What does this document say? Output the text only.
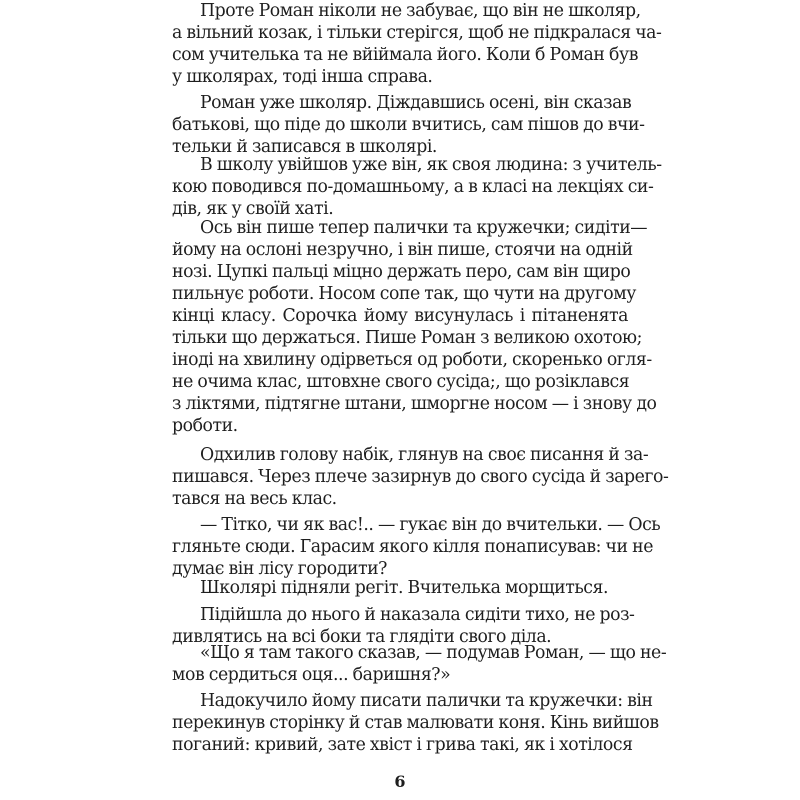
Проте Роман ніколи не забуває, що він не школяр,
а вільний козак, і тільки стерігся, щоб не підкралася ча-
сом учителька та не вйіймала його. Коли б Роман був
у школярах, тоді інша справа.
Роман уже школяр. Діждавшись осені, він сказав
батькові, що піде до школи вчитись, сам пішов до вчи-
тельки й записався в школярі.
В школу увійшов уже він, як своя людина: з учитель-
кою поводився по-домашньому, а в класі на лекціях си-
дів, як у своїй хаті.
Ось він пише тепер палички та кружечки; сидіти—
йому на ослоні незручно, і він пише, стоячи на одній
нозі. Цупкі пальці міцно держать перо, сам він щиро
пильнує роботи. Носом сопе так, що чути на другому
кінці класу. Сорочка йому висунулась і пітаненята
тільки що держаться. Пише Роман з великою охотою;
іноді на хвилину одірветься од роботи, скоренько огля-
не очима клас, штовхне свого сусіда;, що розіклався
з ліктями, підтягне штани, шморгне носом — і знову до
роботи.
Одхилив голову набік, глянув на своє писання й за-
пишався. Через плече зазирнув до свого сусіда й зарего-
тався на весь клас.
— Тітко, чи як вас!.. — гукає він до вчительки. — Ось
гляньте сюди. Гарасим якого кілля понаписував: чи не
думає він лісу городити?
Школярі підняли регіт. Вчителька морщиться.
Підійшла до нього й наказала сидіти тихо, не роз-
дивлятись на всі боки та глядіти свого діла.
«Що я там такого сказав, — подумав Роман, — що не-
мов сердиться оця... баришня?»
Надокучило йому писати палички та кружечки: він
перекинув сторінку й став малювати коня. Кінь вийшов
поганий: кривий, зате хвіст і грива такі, як і хотілося
6
